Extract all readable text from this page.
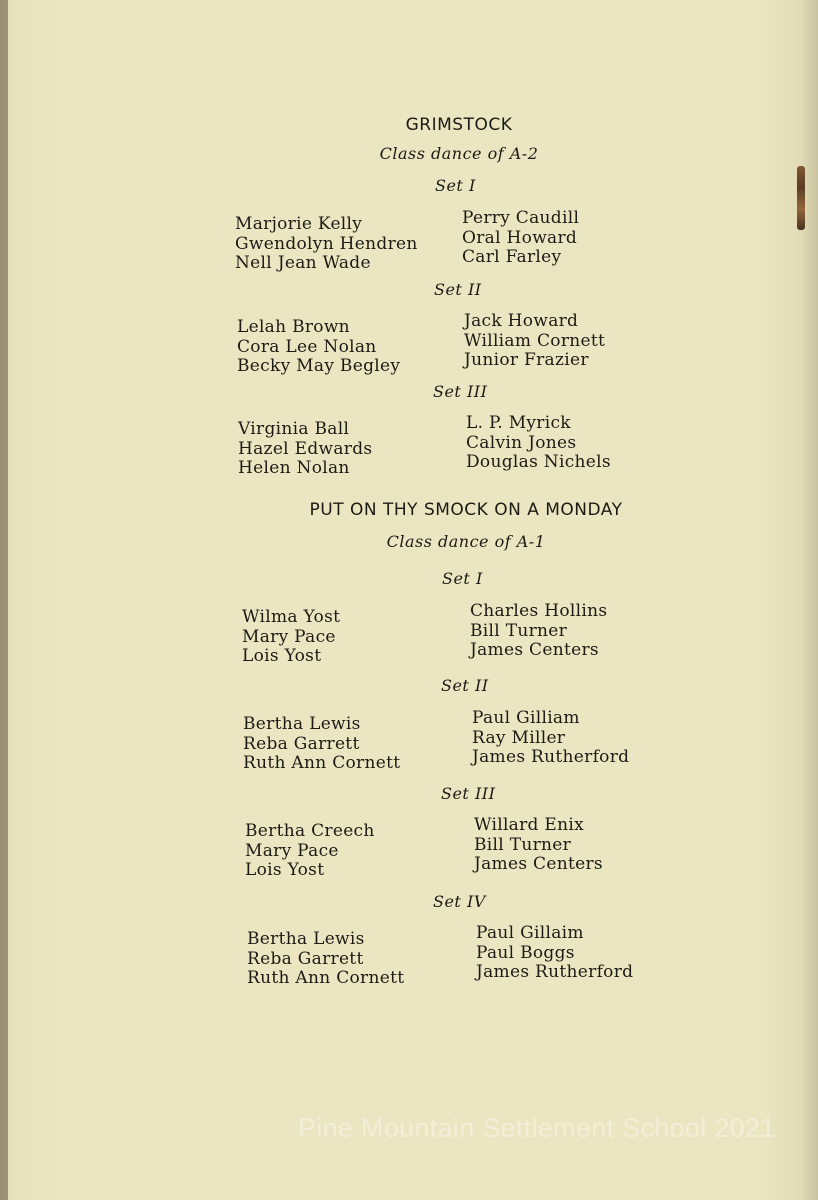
GRIMSTOCK
Class dance of A-2
Set I
Marjorie Kelly
Gwendolyn Hendren
Nell Jean Wade
Perry Caudill
Oral Howard
Carl Farley
Set II
Lelah Brown
Cora Lee Nolan
Becky May Begley
Jack Howard
William Cornett
Junior Frazier
Set III
Virginia Ball
Hazel Edwards
Helen Nolan
L. P. Myrick
Calvin Jones
Douglas Nichels
PUT ON THY SMOCK ON A MONDAY
Class dance of A-1
Set I
Wilma Yost
Mary Pace
Lois Yost
Charles Hollins
Bill Turner
James Centers
Set II
Bertha Lewis
Reba Garrett
Ruth Ann Cornett
Paul Gilliam
Ray Miller
James Rutherford
Set III
Bertha Creech
Mary Pace
Lois Yost
Willard Enix
Bill Turner
James Centers
Set IV
Bertha Lewis
Reba Garrett
Ruth Ann Cornett
Paul Gillaim
Paul Boggs
James Rutherford
Pine Mountain Settlement School 2021
